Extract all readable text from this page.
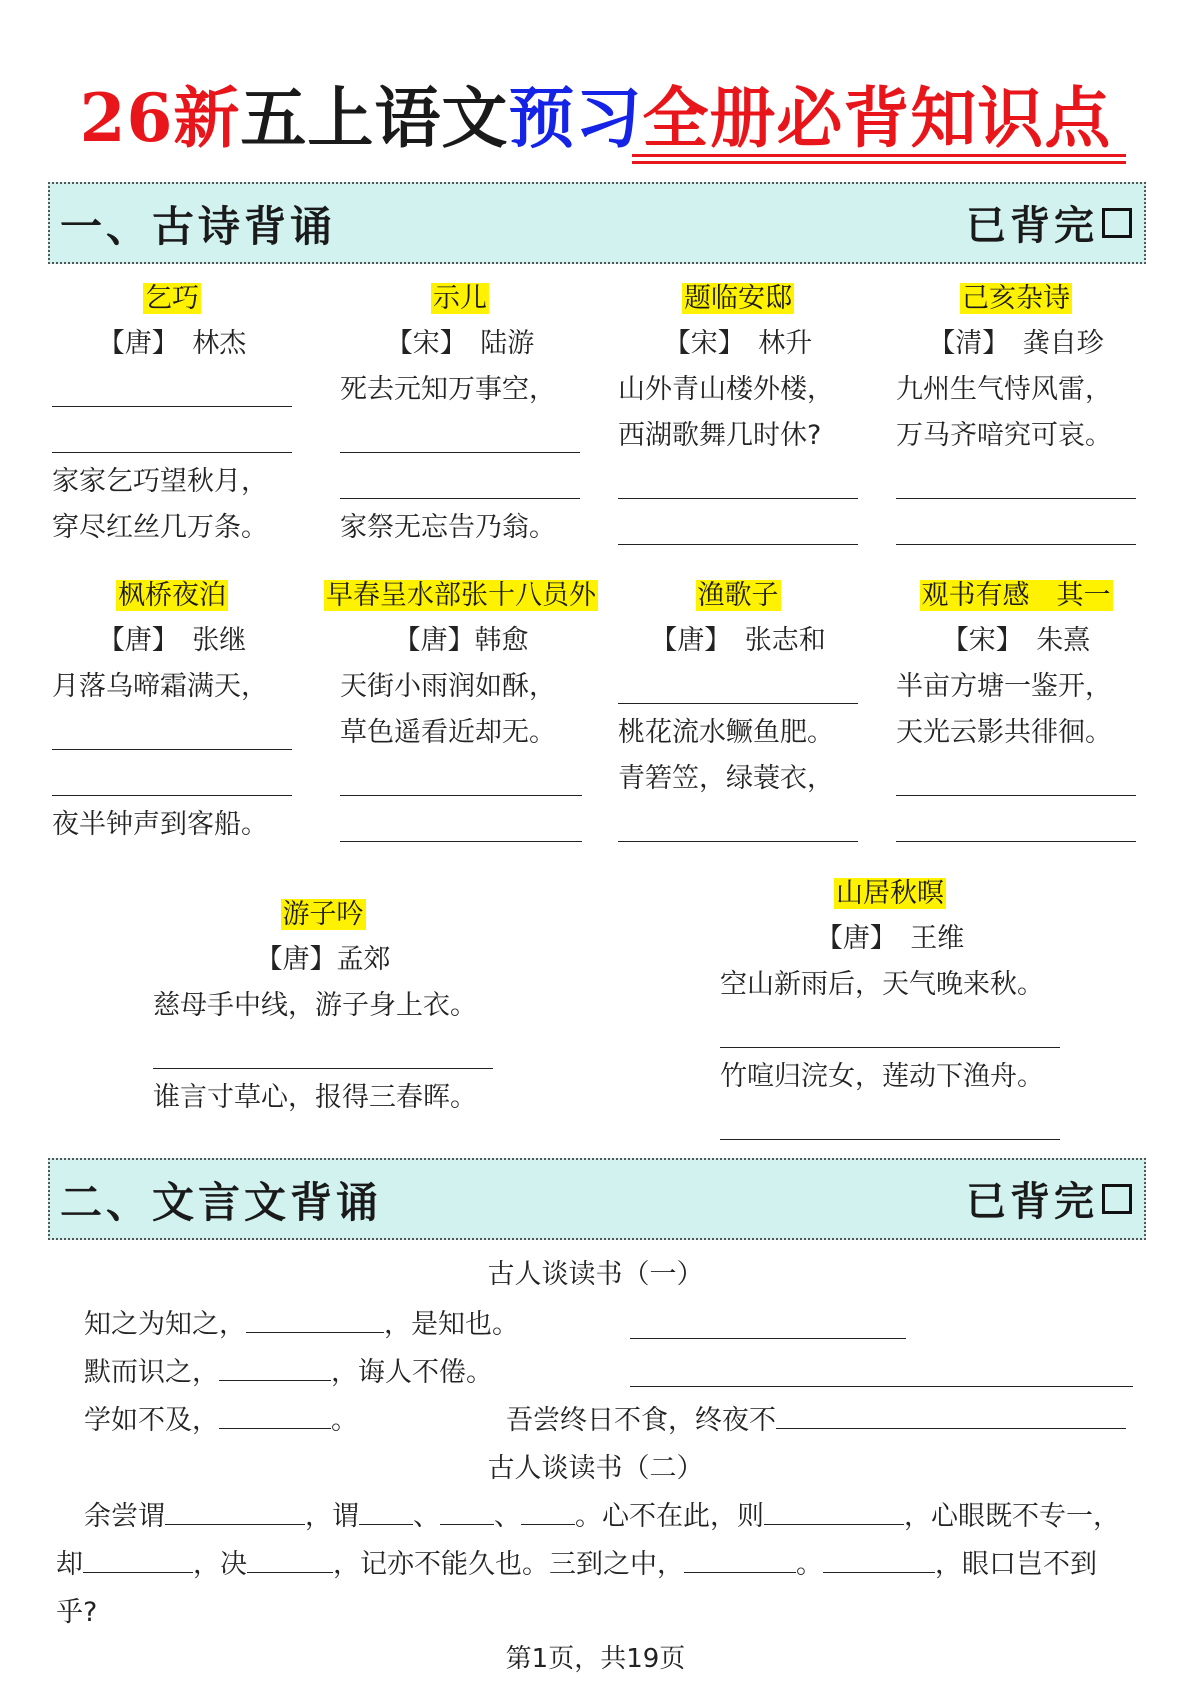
26新五上语文预习全册必背知识点
一、古诗背诵	已背完
乞巧
【唐】　林杰
家家乞巧望秋月，
穿尽红丝几万条。
示儿
【宋】　陆游
死去元知万事空，
家祭无忘告乃翁。
题临安邸
【宋】　林升
山外青山楼外楼，
西湖歌舞几时休?
己亥杂诗
【清】　龚自珍
九州生气恃风雷，
万马齐喑究可哀。
枫桥夜泊
【唐】　张继
月落乌啼霜满天，
夜半钟声到客船。
早春呈水部张十八员外
【唐】韩愈
天街小雨润如酥，
草色遥看近却无。
渔歌子
【唐】　张志和
桃花流水鳜鱼肥。
青箬笠，绿蓑衣，
观书有感　其一
【宋】　朱熹
半亩方塘一鉴开，
天光云影共徘徊。
游子吟
【唐】孟郊
慈母手中线，游子身上衣。
谁言寸草心，报得三春晖。
山居秋暝
【唐】　王维
空山新雨后，天气晚来秋。
竹喧归浣女，莲动下渔舟。
二、文言文背诵	已背完
古人谈读书（一）
知之为知之，	，是知也。
默而识之，	，诲人不倦。
学如不及，	。	吾尝终日不食，终夜不
古人谈读书（二）
余尝谓	，谓 、 、 。心不在此，则	，心眼既不专一，
却	，决	，记亦不能久也。三到之中，	。	，眼口岂不到
乎?
第1页，共19页
